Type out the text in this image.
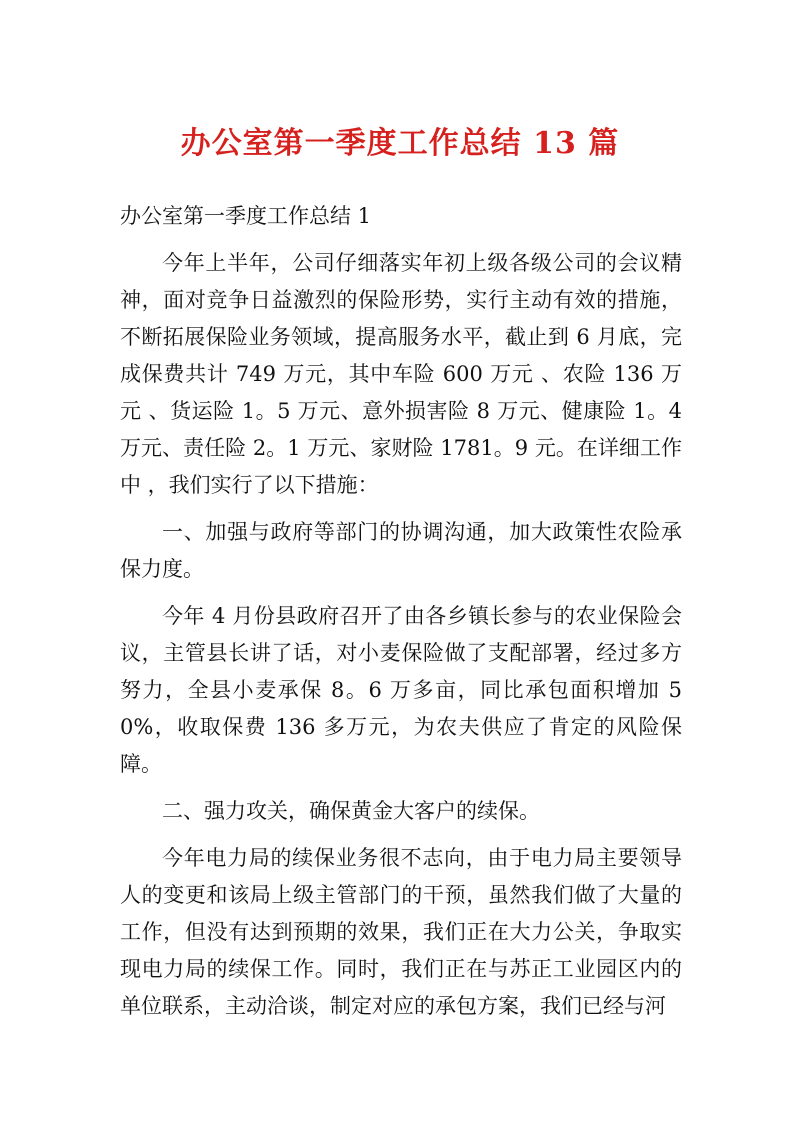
办公室第一季度工作总结 13 篇

办公室第一季度工作总结 1

今年上半年，公司仔细落实年初上级各级公司的会议精神，面对竞争日益激烈的保险形势，实行主动有效的措施，不断拓展保险业务领域，提高服务水平，截止到 6 月底，完成保费共计 749 万元，其中车险 600 万元 、农险 136 万元 、货运险 1。5 万元、意外损害险 8 万元、健康险 1。4 万元、责任险 2。1 万元、家财险 1781。9 元。在详细工作中 ，我们实行了以下措施：

一、加强与政府等部门的协调沟通，加大政策性农险承保力度。

今年 4 月份县政府召开了由各乡镇长参与的农业保险会议，主管县长讲了话，对小麦保险做了支配部署，经过多方努力，全县小麦承保 8。6 万多亩，同比承包面积增加 50%，收取保费 136 多万元，为农夫供应了肯定的风险保障。

二、强力攻关，确保黄金大客户的续保。

今年电力局的续保业务很不志向，由于电力局主要领导人的变更和该局上级主管部门的干预，虽然我们做了大量的工作，但没有达到预期的效果，我们正在大力公关，争取实现电力局的续保工作。同时，我们正在与苏正工业园区内的单位联系，主动洽谈，制定对应的承包方案，我们已经与河
